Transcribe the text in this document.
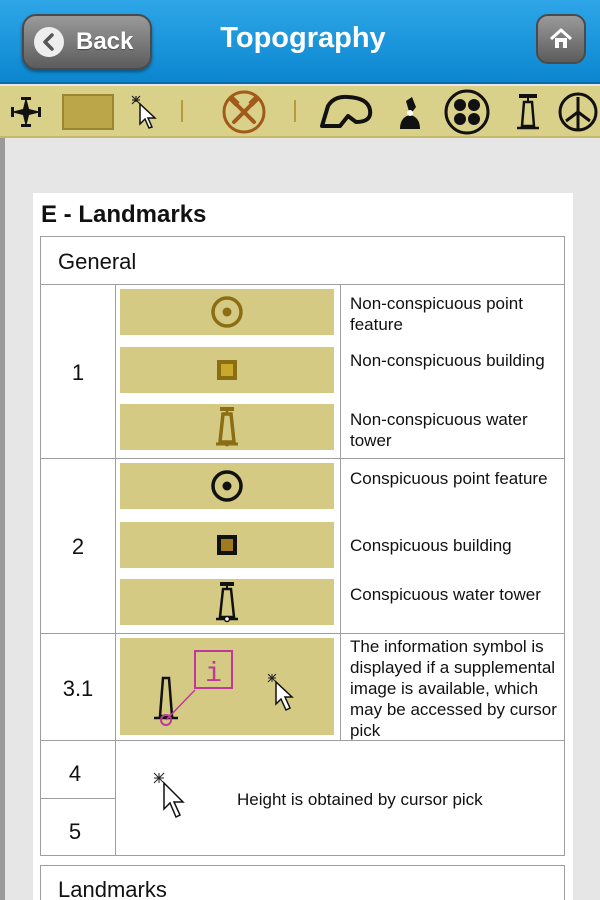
Back	Topography
E - Landmarks
General
1
Non-conspicuous point feature
Non-conspicuous building
Non-conspicuous water tower
2
Conspicuous point feature
Conspicuous building
Conspicuous water tower
3.1	i
The information symbol is displayed if a supplemental image is available, which may be accessed by cursor pick
4
5
Height is obtained by cursor pick
Landmarks
